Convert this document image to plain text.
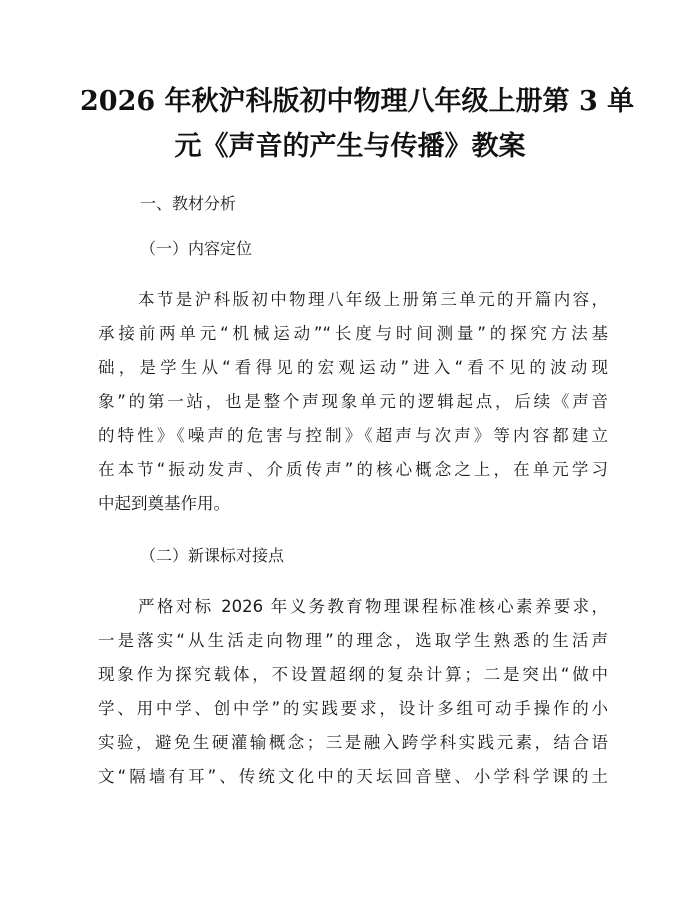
2026 年秋沪科版初中物理八年级上册第 3 单
元《声音的产生与传播》教案
一、教材分析
（一）内容定位
本节是沪科版初中物理八年级上册第三单元的开篇内容，
承接前两单元“机械运动”“长度与时间测量”的探究方法基
础，是学生从“看得见的宏观运动”进入“看不见的波动现
象”的第一站，也是整个声现象单元的逻辑起点，后续《声音
的特性》《噪声的危害与控制》《超声与次声》等内容都建立
在本节“振动发声、介质传声”的核心概念之上，在单元学习
中起到奠基作用。
（二）新课标对接点
严格对标 2026 年义务教育物理课程标准核心素养要求，
一是落实“从生活走向物理”的理念，选取学生熟悉的生活声
现象作为探究载体，不设置超纲的复杂计算；二是突出“做中
学、用中学、创中学”的实践要求，设计多组可动手操作的小
实验，避免生硬灌输概念；三是融入跨学科实践元素，结合语
文“隔墙有耳”、传统文化中的天坛回音壁、小学科学课的土
